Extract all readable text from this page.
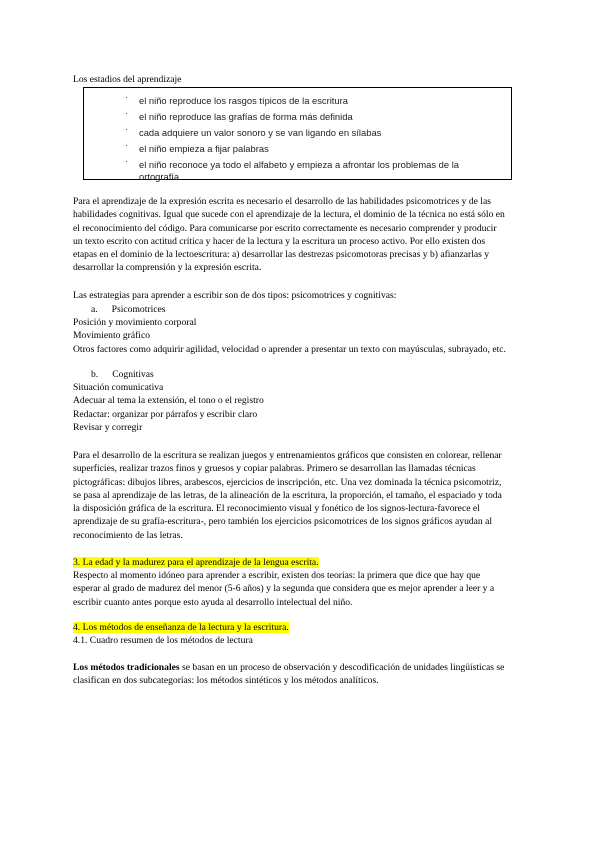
Los estadios del aprendizaje
· el niño reproduce los rasgos típicos de la escritura
· el niño reproduce las grafías de forma más definida
· cada adquiere un valor sonoro y se van ligando en sílabas
· el niño empieza a fijar palabras
· el niño reconoce ya todo el alfabeto y empieza a afrontar los problemas de la
ortografía.
Para el aprendizaje de la expresión escrita es necesario el desarrollo de las habilidades psicomotrices y de las
habilidades cognitivas. Igual que sucede con el aprendizaje de la lectura, el dominio de la técnica no está sólo en
el reconocimiento del código. Para comunicarse por escrito correctamente es necesario comprender y producir
un texto escrito con actitud crítica y hacer de la lectura y la escritura un proceso activo. Por ello existen dos
etapas en el dominio de la lectoescritura: a) desarrollar las destrezas psicomotoras precisas y b) afianzarlas y
desarrollar la comprensión y la expresión escrita.
Las estrategias para aprender a escribir son de dos tipos: psicomotrices y cognitivas:
a. Psicomotrices
Posición y movimiento corporal
Movimiento gráfico
Otros factores como adquirir agilidad, velocidad o aprender a presentar un texto con mayúsculas, subrayado, etc.
b. Cognitivas
Situación comunicativa
Adecuar al tema la extensión, el tono o el registro
Redactar: organizar por párrafos y escribir claro
Revisar y corregir
Para el desarrollo de la escritura se realizan juegos y entrenamientos gráficos que consisten en colorear, rellenar
superficies, realizar trazos finos y gruesos y copiar palabras. Primero se desarrollan las llamadas técnicas
pictográficas: dibujos libres, arabescos, ejercicios de inscripción, etc. Una vez dominada la técnica psicomotriz,
se pasa al aprendizaje de las letras, de la alineación de la escritura, la proporción, el tamaño, el espaciado y toda
la disposición gráfica de la escritura. El reconocimiento visual y fonético de los signos-lectura-favorece el
aprendizaje de su grafía-escritura-, pero también los ejercicios psicomotrices de los signos gráficos ayudan al
reconocimiento de las letras.
3. La edad y la madurez para el aprendizaje de la lengua escrita.
Respecto al momento idóneo para aprender a escribir, existen dos teorías: la primera que dice que hay que
esperar al grado de madurez del menor (5-6 años) y la segunda que considera que es mejor aprender a leer y a
escribir cuanto antes porque esto ayuda al desarrollo intelectual del niño.
4. Los métodos de enseñanza de la lectura y la escritura.
4.1. Cuadro resumen de los métodos de lectura
Los métodos tradicionales se basan en un proceso de observación y descodificación de unidades lingüísticas se
clasifican en dos subcategorías: los métodos sintéticos y los métodos analíticos.
